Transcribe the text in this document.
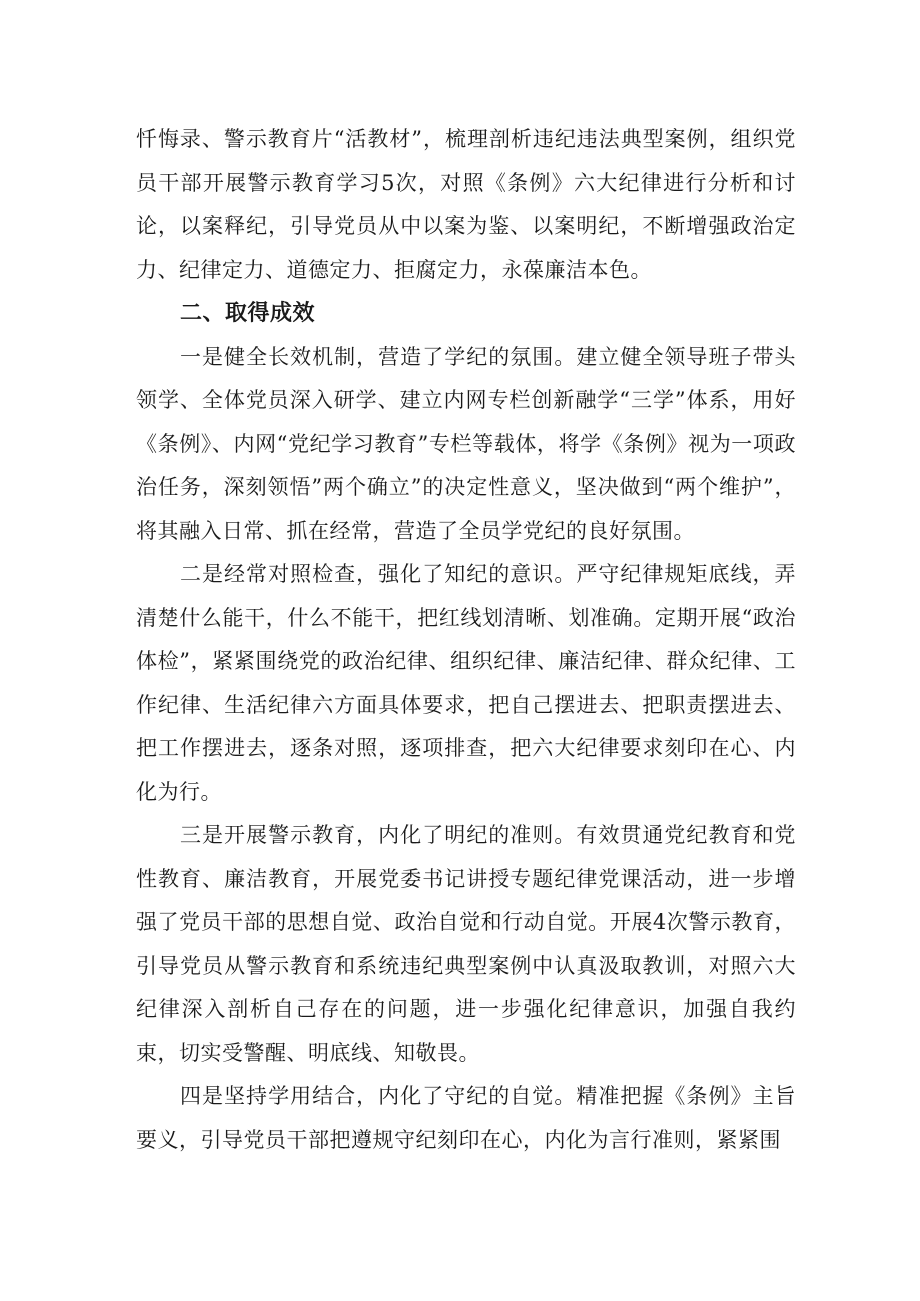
忏悔录、警示教育片“活教材”，梳理剖析违纪违法典型案例，组织党员干部开展警示教育学习5次，对照《条例》六大纪律进行分析和讨论，以案释纪，引导党员从中以案为鉴、以案明纪，不断增强政治定力、纪律定力、道德定力、拒腐定力，永葆廉洁本色。

二、取得成效

一是健全长效机制，营造了学纪的氛围。建立健全领导班子带头领学、全体党员深入研学、建立内网专栏创新融学“三学”体系，用好《条例》、内网“党纪学习教育”专栏等载体，将学《条例》视为一项政治任务，深刻领悟”两个确立”的决定性意义，坚决做到“两个维护”，将其融入日常、抓在经常，营造了全员学党纪的良好氛围。

二是经常对照检查，强化了知纪的意识。严守纪律规矩底线，弄清楚什么能干，什么不能干，把红线划清晰、划准确。定期开展“政治体检”，紧紧围绕党的政治纪律、组织纪律、廉洁纪律、群众纪律、工作纪律、生活纪律六方面具体要求，把自己摆进去、把职责摆进去、把工作摆进去，逐条对照，逐项排查，把六大纪律要求刻印在心、内化为行。

三是开展警示教育，内化了明纪的准则。有效贯通党纪教育和党性教育、廉洁教育，开展党委书记讲授专题纪律党课活动，进一步增强了党员干部的思想自觉、政治自觉和行动自觉。开展4次警示教育，引导党员从警示教育和系统违纪典型案例中认真汲取教训，对照六大纪律深入剖析自己存在的问题，进一步强化纪律意识，加强自我约束，切实受警醒、明底线、知敬畏。

四是坚持学用结合，内化了守纪的自觉。精准把握《条例》主旨要义，引导党员干部把遵规守纪刻印在心，内化为言行准则，紧紧围
